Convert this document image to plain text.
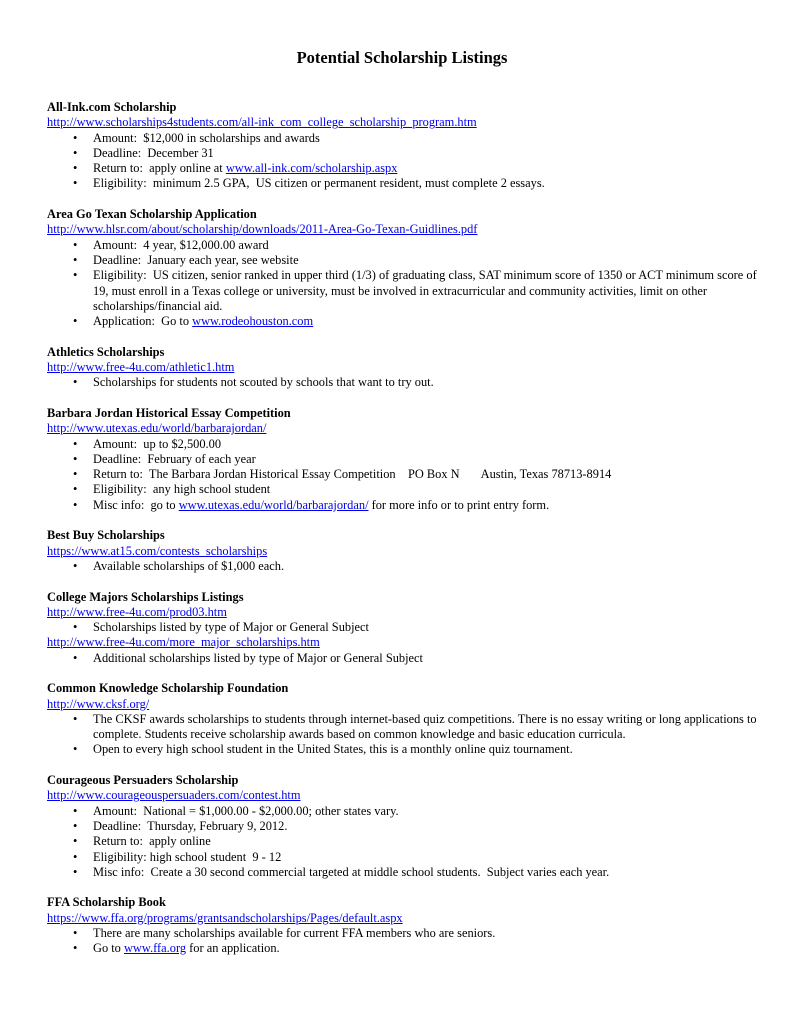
Potential Scholarship Listings
All-Ink.com Scholarship
http://www.scholarships4students.com/all-ink_com_college_scholarship_program.htm
• Amount:  $12,000 in scholarships and awards
• Deadline:  December 31
• Return to:  apply online at www.all-ink.com/scholarship.aspx
• Eligibility:  minimum 2.5 GPA,  US citizen or permanent resident, must complete 2 essays.
Area Go Texan Scholarship Application
http://www.hlsr.com/about/scholarship/downloads/2011-Area-Go-Texan-Guidlines.pdf
• Amount:  4 year, $12,000.00 award
• Deadline:  January each year, see website
• Eligibility:  US citizen, senior ranked in upper third (1/3) of graduating class, SAT minimum score of 1350 or ACT minimum score of 19, must enroll in a Texas college or university, must be involved in extracurricular and community activities, limit on other scholarships/financial aid.
• Application:  Go to www.rodeohouston.com
Athletics Scholarships
http://www.free-4u.com/athletic1.htm
• Scholarships for students not scouted by schools that want to try out.
Barbara Jordan Historical Essay Competition
http://www.utexas.edu/world/barbarajordan/
• Amount:  up to $2,500.00
• Deadline:  February of each year
• Return to:  The Barbara Jordan Historical Essay Competition    PO Box N       Austin, Texas 78713-8914
• Eligibility:  any high school student
• Misc info:  go to www.utexas.edu/world/barbarajordan/ for more info or to print entry form.
Best Buy Scholarships
https://www.at15.com/contests_scholarships
• Available scholarships of $1,000 each.
College Majors Scholarships Listings
http://www.free-4u.com/prod03.htm
• Scholarships listed by type of Major or General Subject
http://www.free-4u.com/more_major_scholarships.htm
• Additional scholarships listed by type of Major or General Subject
Common Knowledge Scholarship Foundation
http://www.cksf.org/
• The CKSF awards scholarships to students through internet-based quiz competitions. There is no essay writing or long applications to complete. Students receive scholarship awards based on common knowledge and basic education curricula.
• Open to every high school student in the United States, this is a monthly online quiz tournament.
Courageous Persuaders Scholarship
http://www.courageouspersuaders.com/contest.htm
• Amount:  National = $1,000.00 - $2,000.00; other states vary.
• Deadline:  Thursday, February 9, 2012.
• Return to:  apply online
• Eligibility: high school student  9 - 12
• Misc info:  Create a 30 second commercial targeted at middle school students.  Subject varies each year.
FFA Scholarship Book
https://www.ffa.org/programs/grantsandscholarships/Pages/default.aspx
• There are many scholarships available for current FFA members who are seniors.
• Go to www.ffa.org for an application.
